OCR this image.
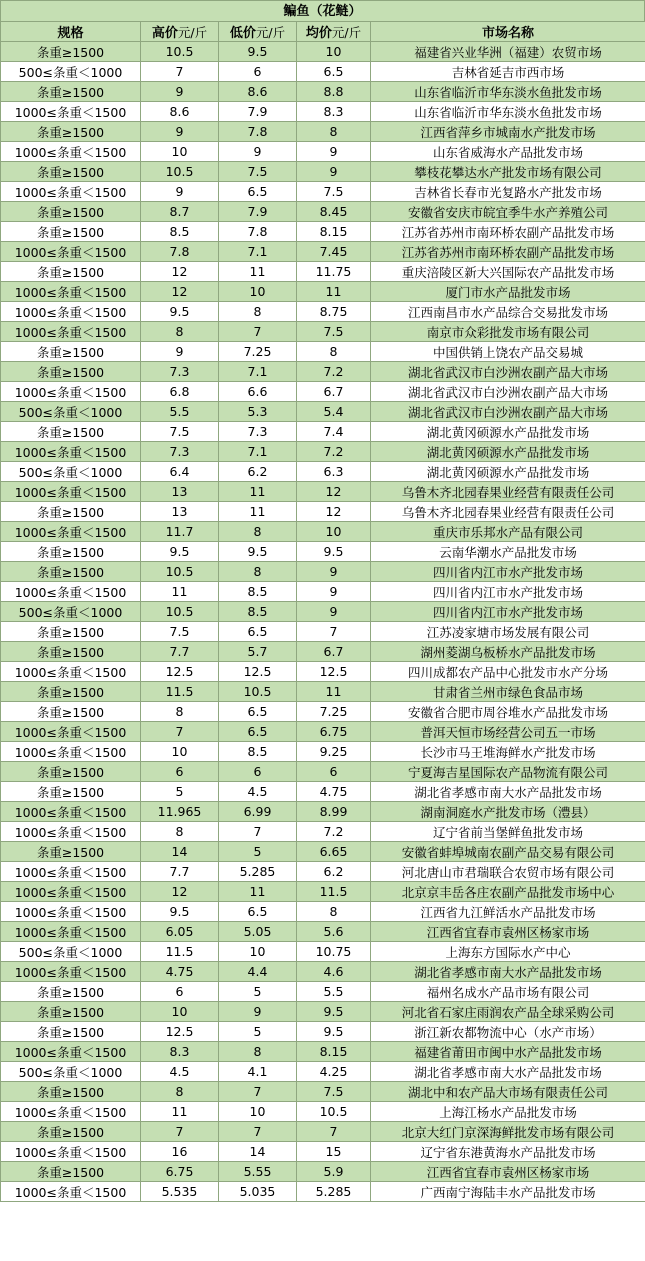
鳊鱼（花鲢）
规格	高价元/斤	低价元/斤	均价元/斤	市场名称
条重≥1500	10.5	9.5	10	福建省兴业华洲（福建）农贸市场
500≤条重＜1000	7	6	6.5	吉林省延吉市西市场
条重≥1500	9	8.6	8.8	山东省临沂市华东淡水鱼批发市场
1000≤条重＜1500	8.6	7.9	8.3	山东省临沂市华东淡水鱼批发市场
条重≥1500	9	7.8	8	江西省萍乡市城南水产批发市场
1000≤条重＜1500	10	9	9	山东省威海水产品批发市场
条重≥1500	10.5	7.5	9	攀枝花攀达水产批发市场有限公司
1000≤条重＜1500	9	6.5	7.5	吉林省长春市光复路水产批发市场
条重≥1500	8.7	7.9	8.45	安徽省安庆市皖宜季牛水产养殖公司
条重≥1500	8.5	7.8	8.15	江苏省苏州市南环桥农副产品批发市场
1000≤条重＜1500	7.8	7.1	7.45	江苏省苏州市南环桥农副产品批发市场
条重≥1500	12	11	11.75	重庆涪陵区新大兴国际农产品批发市场
1000≤条重＜1500	12	10	11	厦门市水产品批发市场
1000≤条重＜1500	9.5	8	8.75	江西南昌市水产品综合交易批发市场
1000≤条重＜1500	8	7	7.5	南京市众彩批发市场有限公司
条重≥1500	9	7.25	8	中国供销上饶农产品交易城
条重≥1500	7.3	7.1	7.2	湖北省武汉市白沙洲农副产品大市场
1000≤条重＜1500	6.8	6.6	6.7	湖北省武汉市白沙洲农副产品大市场
500≤条重＜1000	5.5	5.3	5.4	湖北省武汉市白沙洲农副产品大市场
条重≥1500	7.5	7.3	7.4	湖北黄冈硕源水产品批发市场
1000≤条重＜1500	7.3	7.1	7.2	湖北黄冈硕源水产品批发市场
500≤条重＜1000	6.4	6.2	6.3	湖北黄冈硕源水产品批发市场
1000≤条重＜1500	13	11	12	乌鲁木齐北园春果业经营有限责任公司
条重≥1500	13	11	12	乌鲁木齐北园春果业经营有限责任公司
1000≤条重＜1500	11.7	8	10	重庆市乐邦水产品有限公司
条重≥1500	9.5	9.5	9.5	云南华潮水产品批发市场
条重≥1500	10.5	8	9	四川省内江市水产批发市场
1000≤条重＜1500	11	8.5	9	四川省内江市水产批发市场
500≤条重＜1000	10.5	8.5	9	四川省内江市水产批发市场
条重≥1500	7.5	6.5	7	江苏凌家塘市场发展有限公司
条重≥1500	7.7	5.7	6.7	湖州菱湖乌板桥水产品批发市场
1000≤条重＜1500	12.5	12.5	12.5	四川成都农产品中心批发市水产分场
条重≥1500	11.5	10.5	11	甘肃省兰州市绿色食品市场
条重≥1500	8	6.5	7.25	安徽省合肥市周谷堆水产品批发市场
1000≤条重＜1500	7	6.5	6.75	普洱天恒市场经营公司五一市场
1000≤条重＜1500	10	8.5	9.25	长沙市马王堆海鲜水产批发市场
条重≥1500	6	6	6	宁夏海吉星国际农产品物流有限公司
条重≥1500	5	4.5	4.75	湖北省孝感市南大水产品批发市场
1000≤条重＜1500	11.965	6.99	8.99	湖南洞庭水产批发市场（澧县）
1000≤条重＜1500	8	7	7.2	辽宁省前当堡鲜鱼批发市场
条重≥1500	14	5	6.65	安徽省蚌埠城南农副产品交易有限公司
1000≤条重＜1500	7.7	5.285	6.2	河北唐山市君瑞联合农贸市场有限公司
1000≤条重＜1500	12	11	11.5	北京京丰岳各庄农副产品批发市场中心
1000≤条重＜1500	9.5	6.5	8	江西省九江鲜活水产品批发市场
1000≤条重＜1500	6.05	5.05	5.6	江西省宜春市袁州区杨家市场
500≤条重＜1000	11.5	10	10.75	上海东方国际水产中心
1000≤条重＜1500	4.75	4.4	4.6	湖北省孝感市南大水产品批发市场
条重≥1500	6	5	5.5	福州名成水产品市场有限公司
条重≥1500	10	9	9.5	河北省石家庄雨润农产品全球采购公司
条重≥1500	12.5	5	9.5	浙江新农都物流中心（水产市场）
1000≤条重＜1500	8.3	8	8.15	福建省莆田市闽中水产品批发市场
500≤条重＜1000	4.5	4.1	4.25	湖北省孝感市南大水产品批发市场
条重≥1500	8	7	7.5	湖北中和农产品大市场有限责任公司
1000≤条重＜1500	11	10	10.5	上海江杨水产品批发市场
条重≥1500	7	7	7	北京大红门京深海鲜批发市场有限公司
1000≤条重＜1500	16	14	15	辽宁省东港黄海水产品批发市场
条重≥1500	6.75	5.55	5.9	江西省宜春市袁州区杨家市场
1000≤条重＜1500	5.535	5.035	5.285	广西南宁海陆丰水产品批发市场
